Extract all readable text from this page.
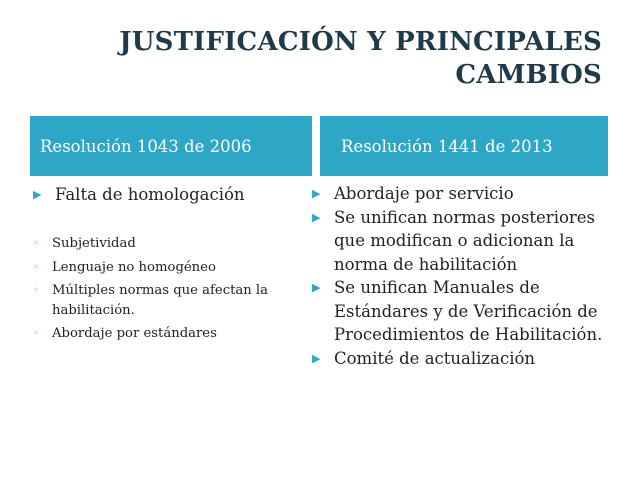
JUSTIFICACIÓN Y PRINCIPALES
CAMBIOS
Resolución 1043 de 2006	Resolución 1441 de 2013
▶ Falta de homologación
◦ Subjetividad
◦ Lenguaje no homogéneo
◦ Múltiples normas que afectan la habilitación.
◦ Abordaje por estándares
▶ Abordaje por servicio
▶ Se unifican normas posteriores que modifican o adicionan la norma de habilitación
▶ Se unifican Manuales de Estándares y de Verificación de Procedimientos de Habilitación.
▶ Comité de actualización
